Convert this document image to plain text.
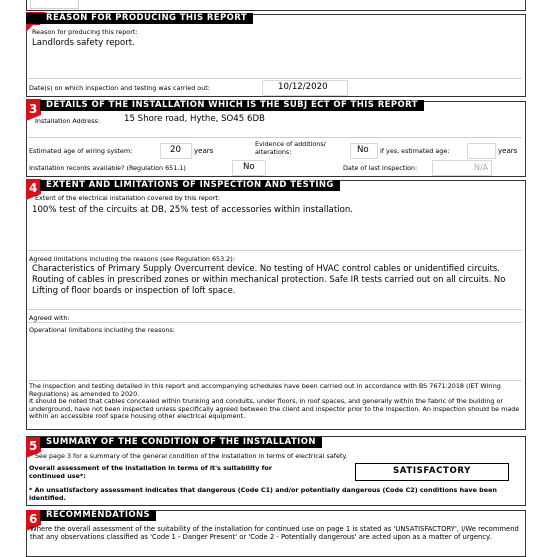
REASON FOR PRODUCING THIS REPORT
Reason for producing this report:
Landlords safety report.
Date(s) on which inspection and testing was carried out:	10/12/2020
3	DETAILS OF THE INSTALLATION WHICH IS THE SUBJ ECT OF THIS REPORT
Installation Address:	15 Shore road, Hythe, SO45 6DB
Estimated age of wiring system:	20 years
Evidence of additions/ alterations:	No if yes, estimated age:	years
Installation records available? (Regulation 651.1)	No	Date of last inspection:	N/A
4	EXTENT AND LIMITATIONS OF INSPECTION AND TESTING
Extent of the electrical installation covered by this report:
100% test of the circuits at DB, 25% test of accessories within installation.
Agreed limitations including the reasons (see Regulation 653.2):
Characteristics of Primary Supply Overcurrent device. No testing of HVAC control cables or unidentified circuits. Routing of cables in prescribed zones or within mechanical protection. Safe IR tests carried out on all circuits. No Lifting of floor boards or inspection of loft space.
Agreed with:
Operational limitations including the reasons:
The inspection and testing detailed in this report and accompanying schedules have been carried out in accordance with BS 7671:2018 (IET Wiring Regulations) as amended to 2020.
It should be noted that cables concealed within trunking and conduits, under floors, in roof spaces, and generally within the fabric of the building or underground, have not been inspected unless specifically agreed between the client and inspector prior to the inspection. An inspection should be made within an accessible roof space housing other electrical equipment.
5	SUMMARY OF THE CONDITION OF THE INSTALLATION
See page 3 for a summary of the general condition of the installation in terms of electrical safety.
Overall assessment of the installation in terms of it's suitability for continued use*:	SATISFACTORY
* An unsatisfactory assessment indicates that dangerous (Code C1) and/or potentially dangerous (Code C2) conditions have been identified.
6	RECOMMENDATIONS
Where the overall assessment of the suitability of the installation for continued use on page 1 is stated as 'UNSATISFACTORY', I/We recommend that any observations classified as 'Code 1 - Danger Present' or 'Code 2 - Potentially dangerous' are acted upon as a matter of urgency.
